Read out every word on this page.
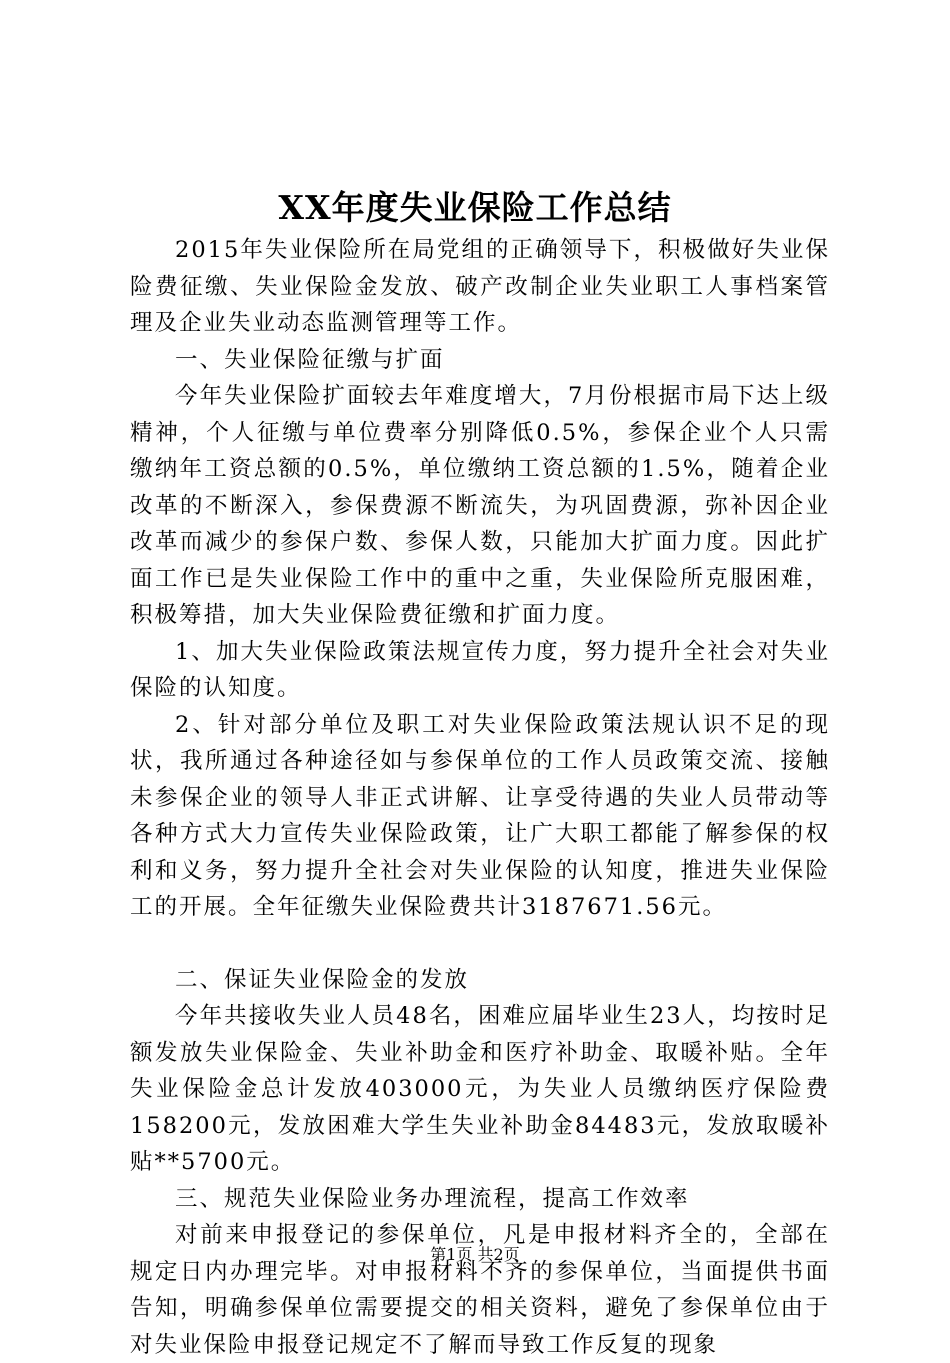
XX年度失业保险工作总结

2015年失业保险所在局党组的正确领导下，积极做好失业保险费征缴、失业保险金发放、破产改制企业失业职工人事档案管理及企业失业动态监测管理等工作。

一、失业保险征缴与扩面

今年失业保险扩面较去年难度增大，7月份根据市局下达上级精神，个人征缴与单位费率分别降低0.5%，参保企业个人只需缴纳年工资总额的0.5%，单位缴纳工资总额的1.5%，随着企业改革的不断深入，参保费源不断流失，为巩固费源，弥补因企业改革而减少的参保户数、参保人数，只能加大扩面力度。因此扩面工作已是失业保险工作中的重中之重，失业保险所克服困难，积极筹措，加大失业保险费征缴和扩面力度。

1、加大失业保险政策法规宣传力度，努力提升全社会对失业保险的认知度。

2、针对部分单位及职工对失业保险政策法规认识不足的现状，我所通过各种途径如与参保单位的工作人员政策交流、接触未参保企业的领导人非正式讲解、让享受待遇的失业人员带动等各种方式大力宣传失业保险政策，让广大职工都能了解参保的权利和义务，努力提升全社会对失业保险的认知度，推进失业保险工的开展。全年征缴失业保险费共计3187671.56元。

二、保证失业保险金的发放

今年共接收失业人员48名，困难应届毕业生23人，均按时足额发放失业保险金、失业补助金和医疗补助金、取暖补贴。全年失业保险金总计发放403000元，为失业人员缴纳医疗保险费158200元，发放困难大学生失业补助金84483元，发放取暖补贴**5700元。

三、规范失业保险业务办理流程，提高工作效率

对前来申报登记的参保单位，凡是申报材料齐全的，全部在规定日内办理完毕。对申报材料不齐的参保单位，当面提供书面告知，明确参保单位需要提交的相关资料，避免了参保单位由于对失业保险申报登记规定不了解而导致工作反复的现象

第1页 共2页
